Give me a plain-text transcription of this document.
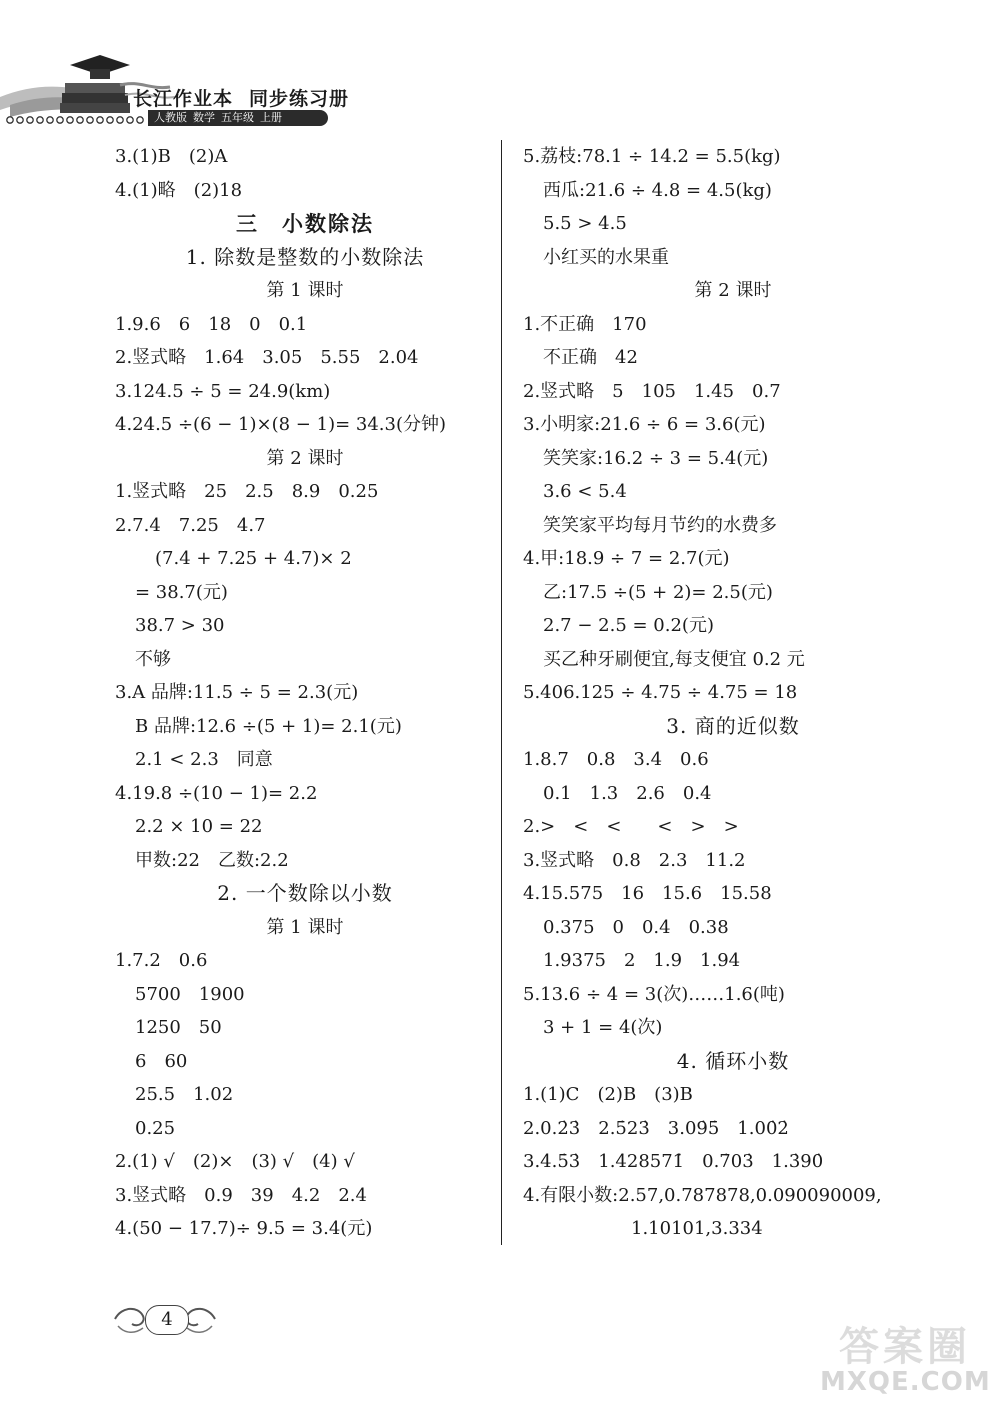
长江作业本 同步练习册
人教版 数学 五年级 上册
3.(1)B　(2)A
4.(1)略　(2)18
三　小数除法
1. 除数是整数的小数除法
第 1 课时
1.9.6　6　18　0　0.1
2.竖式略　1.64　3.05　5.55　2.04
3.124.5 ÷ 5 = 24.9(km)
4.24.5 ÷(6 − 1)×(8 − 1)= 34.3(分钟)
第 2 课时
1.竖式略　25　2.5　8.9　0.25
2.7.4　7.25　4.7
(7.4 + 7.25 + 4.7)× 2
= 38.7(元)
38.7 > 30
不够
3.A 品牌:11.5 ÷ 5 = 2.3(元)
B 品牌:12.6 ÷(5 + 1)= 2.1(元)
2.1 < 2.3　同意
4.19.8 ÷(10 − 1)= 2.2
2.2 × 10 = 22
甲数:22　乙数:2.2
2. 一个数除以小数
第 1 课时
1.7.2　0.6
5700　1900
1250　50
6　60
25.5　1.02
0.25
2.(1) √　(2)×　(3) √　(4) √
3.竖式略　0.9　39　4.2　2.4
4.(50 − 17.7)÷ 9.5 = 3.4(元)
5.荔枝:78.1 ÷ 14.2 = 5.5(kg)
西瓜:21.6 ÷ 4.8 = 4.5(kg)
5.5 > 4.5
小红买的水果重
第 2 课时
1.不正确　170
不正确　42
2.竖式略　5　105　1.45　0.7
3.小明家:21.6 ÷ 6 = 3.6(元)
笑笑家:16.2 ÷ 3 = 5.4(元)
3.6 < 5.4
笑笑家平均每月节约的水费多
4.甲:18.9 ÷ 7 = 2.7(元)
乙:17.5 ÷(5 + 2)= 2.5(元)
2.7 − 2.5 = 0.2(元)
买乙种牙刷便宜,每支便宜 0.2 元
5.406.125 ÷ 4.75 ÷ 4.75 = 18
3. 商的近似数
1.8.7　0.8　3.4　0.6
0.1　1.3　2.6　0.4
2.>　<　<　　<　>　>
3.竖式略　0.8　2.3　11.2
4.15.575　16　15.6　15.58
0.375　0　0.4　0.38
1.9375　2　1.9　1.94
5.13.6 ÷ 4 = 3(次)……1.6(吨)
3 + 1 = 4(次)
4. 循环小数
1.(1)C　(2)B　(3)B
2.0.2̇3̇　2.5̇23̇　3.09̇5̇　1.00̇2̇
3.4.5̇3̇　1.4̇28571̇　0.7̇03̇　1.3̇90̇
4.有限小数:2.57,0.787878,0.090090009,
1.10101,3.334
4
答案圈
MXQE.COM
